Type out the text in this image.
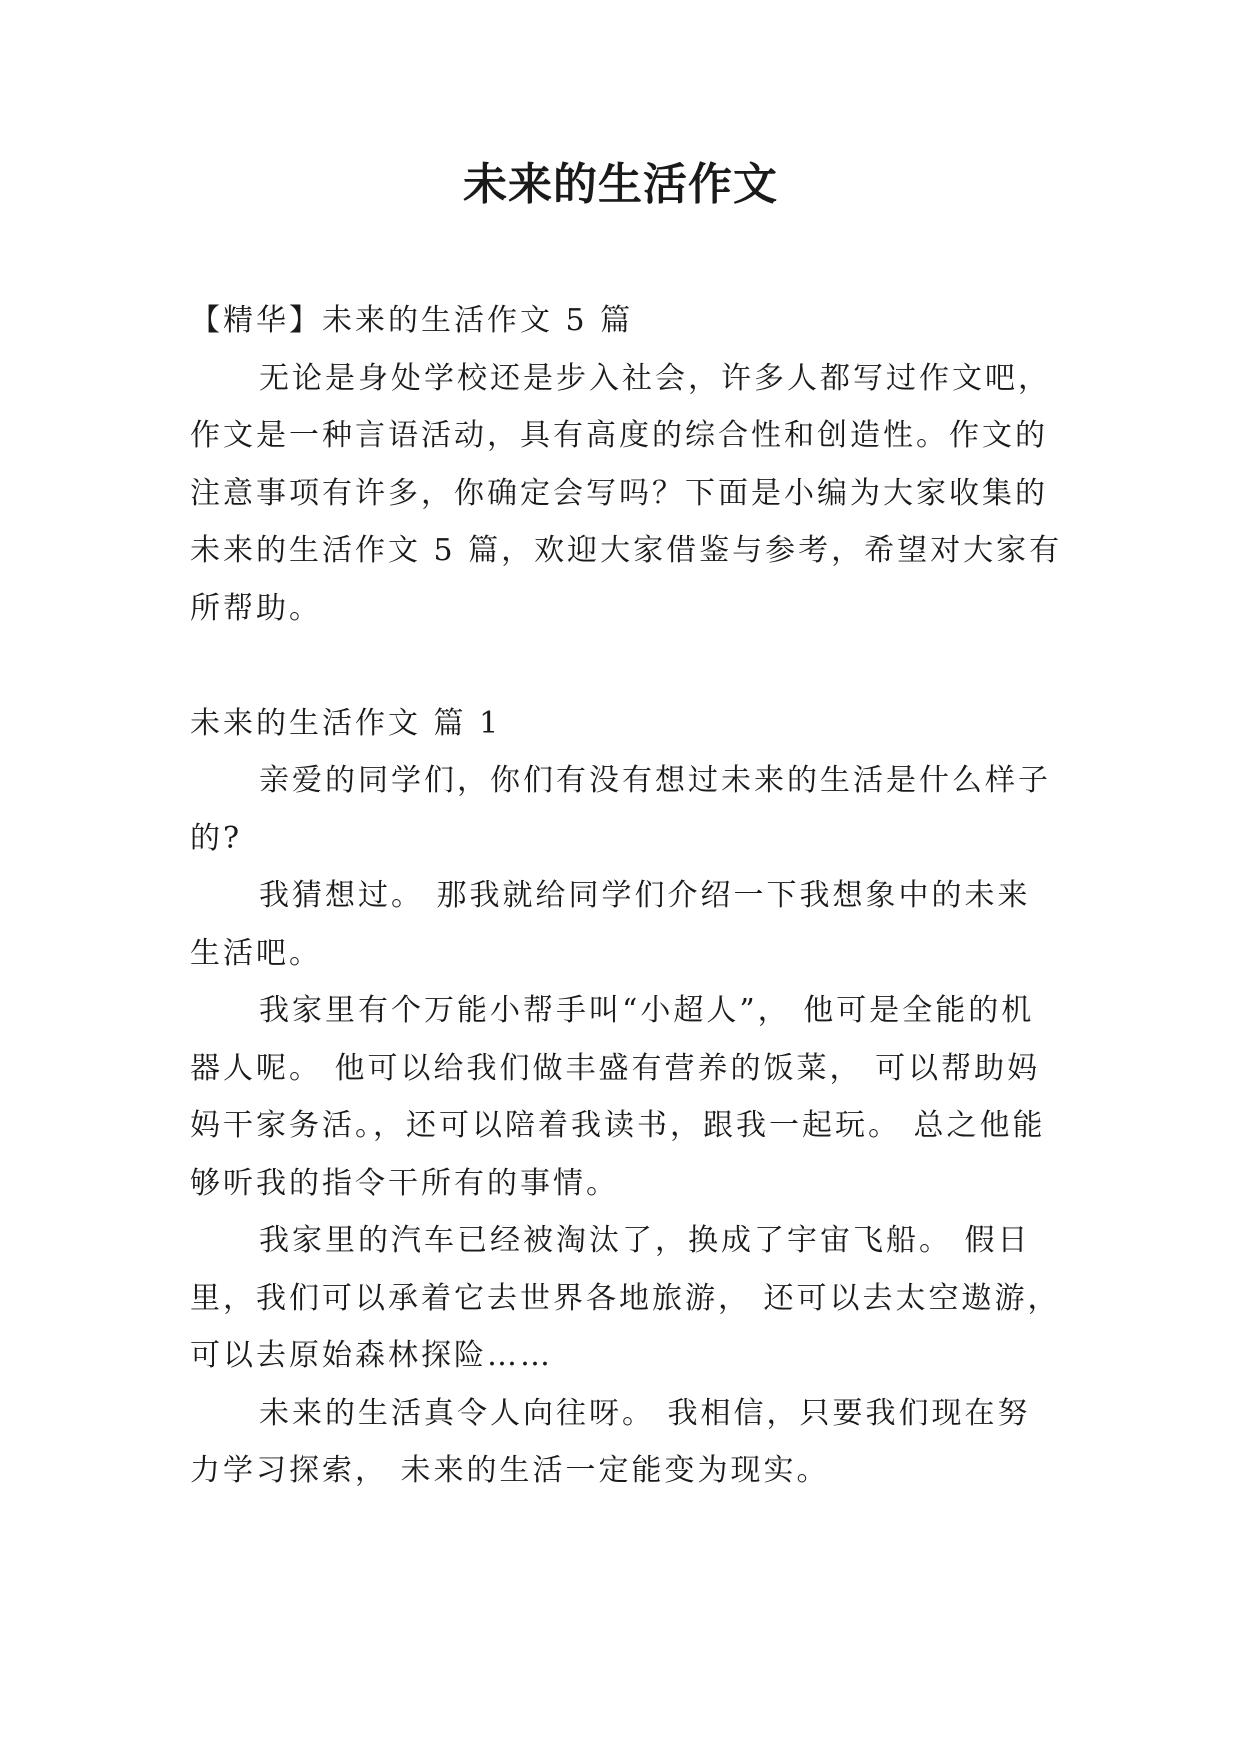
未来的生活作文

【精华】未来的生活作文 5 篇

无论是身处学校还是步入社会，许多人都写过作文吧，

作文是一种言语活动，具有高度的综合性和创造性。作文的

注意事项有许多，你确定会写吗？下面是小编为大家收集的

未来的生活作文 5 篇，欢迎大家借鉴与参考，希望对大家有

所帮助。

未来的生活作文 篇 1

亲爱的同学们，你们有没有想过未来的生活是什么样子

的?

我猜想过。 那我就给同学们介绍一下我想象中的未来

生活吧。

我家里有个万能小帮手叫“小超人”， 他可是全能的机

器人呢。 他可以给我们做丰盛有营养的饭菜， 可以帮助妈

妈干家务活。，还可以陪着我读书，跟我一起玩。 总之他能

够听我的指令干所有的事情。

我家里的汽车已经被淘汰了，换成了宇宙飞船。 假日

里，我们可以承着它去世界各地旅游， 还可以去太空遨游，

可以去原始森林探险……

未来的生活真令人向往呀。 我相信，只要我们现在努

力学习探索， 未来的生活一定能变为现实。
